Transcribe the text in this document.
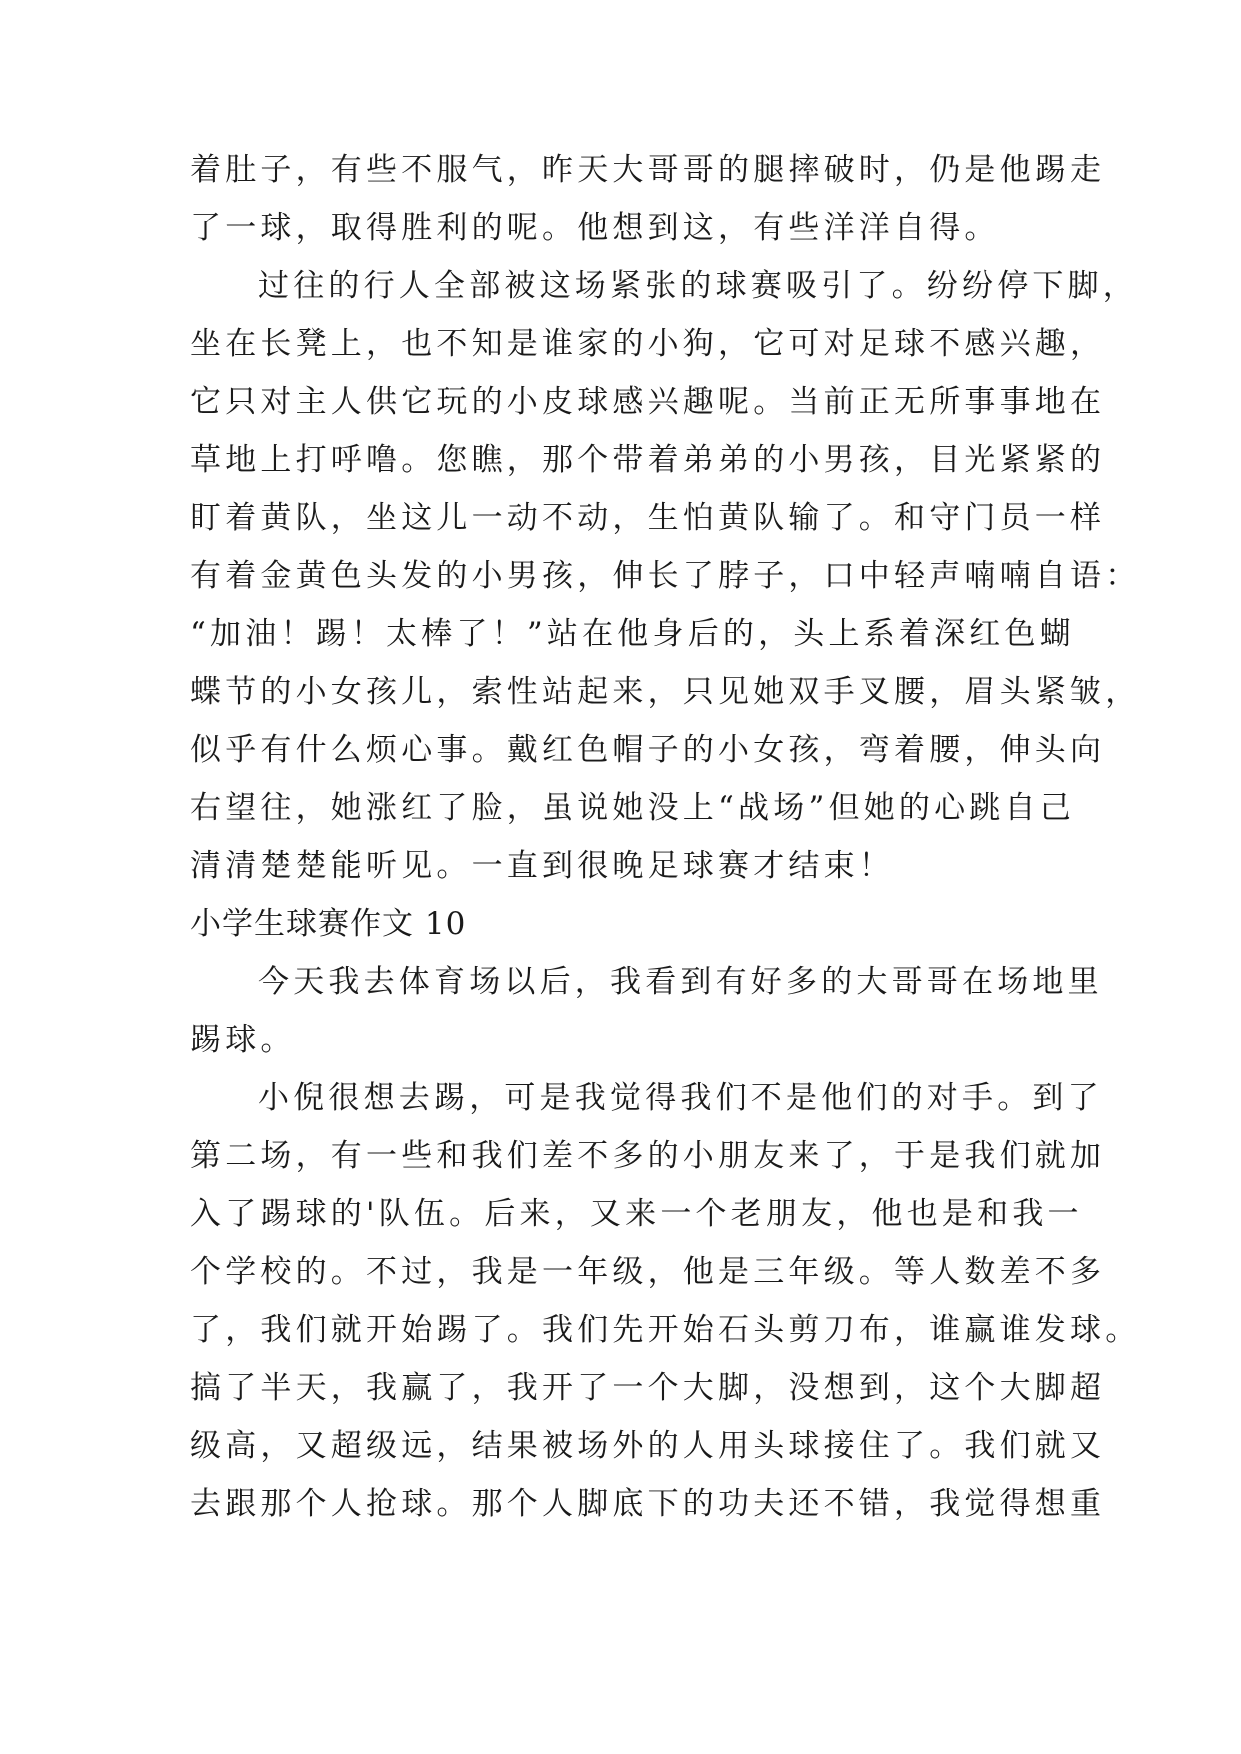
着肚子，有些不服气，昨天大哥哥的腿摔破时，仍是他踢走
了一球，取得胜利的呢。他想到这，有些洋洋自得。
过往的行人全部被这场紧张的球赛吸引了。纷纷停下脚，
坐在长凳上，也不知是谁家的小狗，它可对足球不感兴趣，
它只对主人供它玩的小皮球感兴趣呢。当前正无所事事地在
草地上打呼噜。您瞧，那个带着弟弟的小男孩，目光紧紧的
盯着黄队，坐这儿一动不动，生怕黄队输了。和守门员一样
有着金黄色头发的小男孩，伸长了脖子，口中轻声喃喃自语：
“加油！踢！太棒了！”站在他身后的，头上系着深红色蝴
蝶节的小女孩儿，索性站起来，只见她双手叉腰，眉头紧皱，
似乎有什么烦心事。戴红色帽子的小女孩，弯着腰，伸头向
右望往，她涨红了脸，虽说她没上“战场”但她的心跳自己
清清楚楚能听见。一直到很晚足球赛才结束！
小学生球赛作文 10
今天我去体育场以后，我看到有好多的大哥哥在场地里
踢球。
小倪很想去踢，可是我觉得我们不是他们的对手。到了
第二场，有一些和我们差不多的小朋友来了，于是我们就加
入了踢球的'队伍。后来，又来一个老朋友，他也是和我一
个学校的。不过，我是一年级，他是三年级。等人数差不多
了，我们就开始踢了。我们先开始石头剪刀布，谁赢谁发球。
搞了半天，我赢了，我开了一个大脚，没想到，这个大脚超
级高，又超级远，结果被场外的人用头球接住了。我们就又
去跟那个人抢球。那个人脚底下的功夫还不错，我觉得想重
